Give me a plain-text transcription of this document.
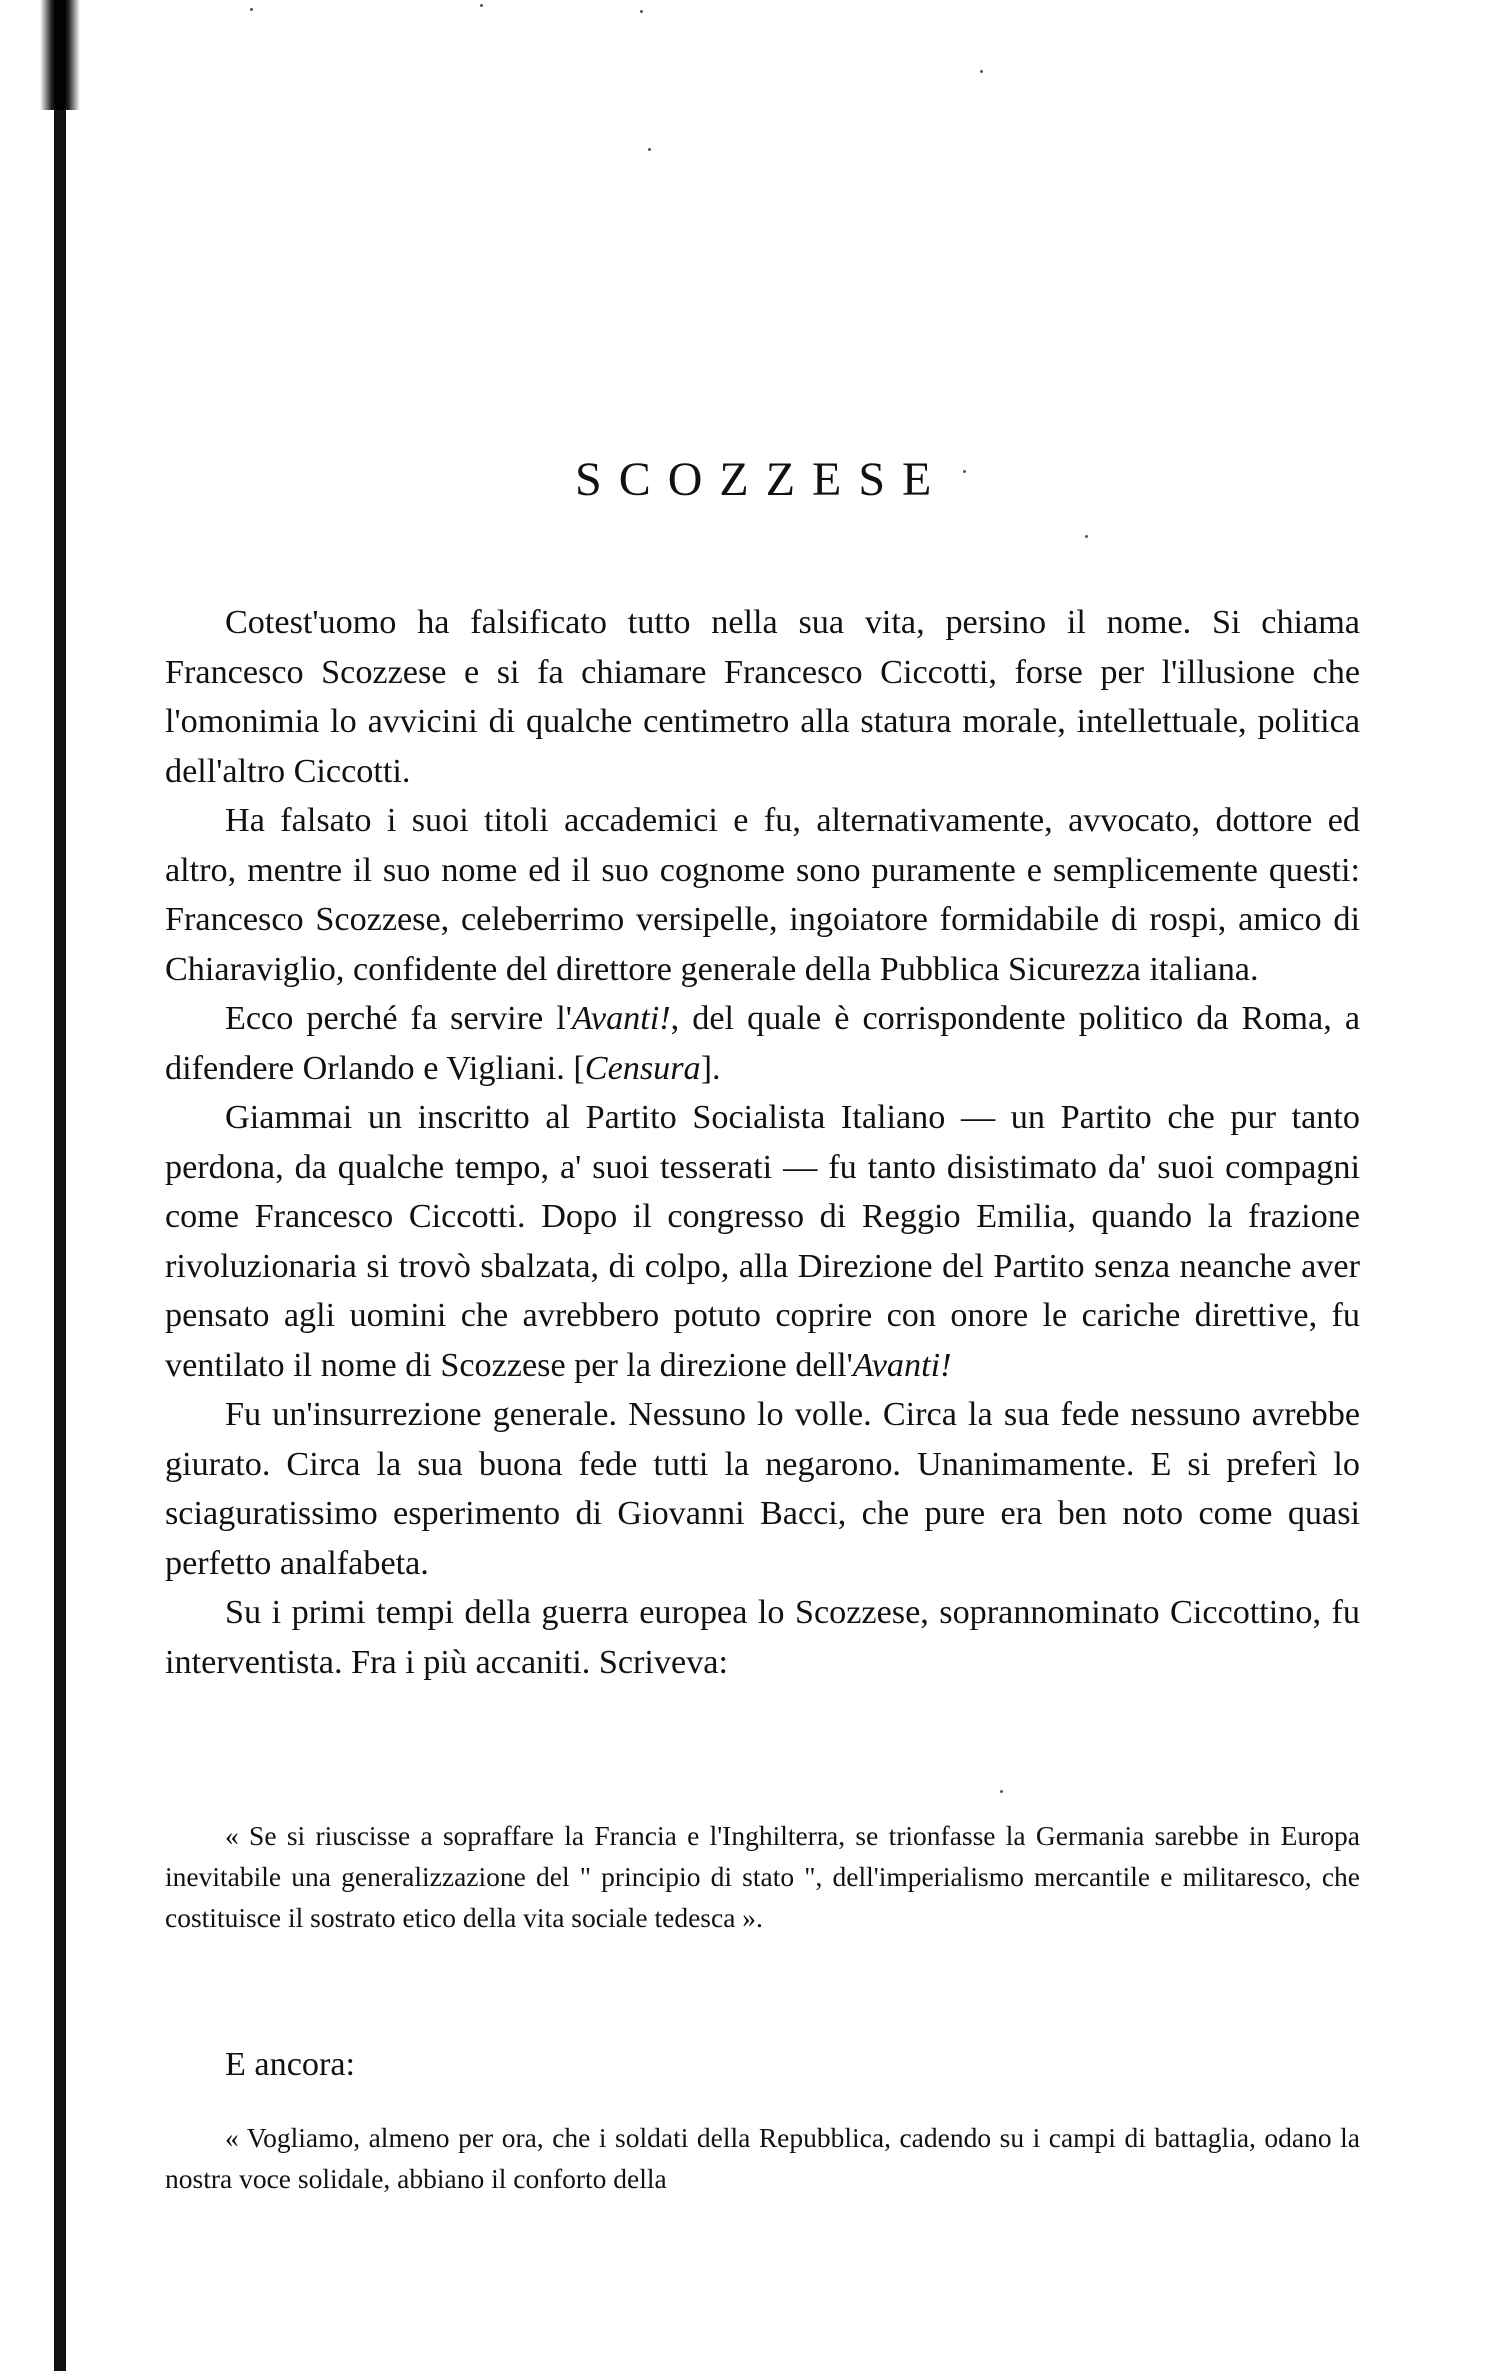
SCOZZESE

Cotest'uomo ha falsificato tutto nella sua vita, persino il nome. Si chiama Francesco Scozzese e si fa chiamare Francesco Ciccotti, forse per l'illusione che l'omonimia lo avvicini di qualche centimetro alla statura morale, intellettuale, politica dell'altro Ciccotti.

Ha falsato i suoi titoli accademici e fu, alternativamente, avvocato, dottore ed altro, mentre il suo nome ed il suo cognome sono puramente e semplicemente questi: Francesco Scozzese, celeberrimo versipelle, ingoiatore formidabile di rospi, amico di Chiaraviglio, confidente del direttore generale della Pubblica Sicurezza italiana.

Ecco perché fa servire l'Avanti!, del quale è corrispondente politico da Roma, a difendere Orlando e Vigliani. [Censura].

Giammai un inscritto al Partito Socialista Italiano — un Partito che pur tanto perdona, da qualche tempo, a' suoi tesserati — fu tanto disistimato da' suoi compagni come Francesco Ciccotti. Dopo il congresso di Reggio Emilia, quando la frazione rivoluzionaria si trovò sbalzata, di colpo, alla Direzione del Partito senza neanche aver pensato agli uomini che avrebbero potuto coprire con onore le cariche direttive, fu ventilato il nome di Scozzese per la direzione dell'Avanti!

Fu un'insurrezione generale. Nessuno lo volle. Circa la sua fede nessuno avrebbe giurato. Circa la sua buona fede tutti la negarono. Unanimamente. E si preferì lo sciaguratissimo esperimento di Giovanni Bacci, che pure era ben noto come quasi perfetto analfabeta.

Su i primi tempi della guerra europea lo Scozzese, soprannominato Ciccottino, fu interventista. Fra i più accaniti. Scriveva:

« Se si riuscisse a sopraffare la Francia e l'Inghilterra, se trionfasse la Germania sarebbe in Europa inevitabile una generalizzazione del " principio di stato ", dell'imperialismo mercantile e militaresco, che costituisce il sostrato etico della vita sociale tedesca ».

E ancora:

« Vogliamo, almeno per ora, che i soldati della Repubblica, cadendo su i campi di battaglia, odano la nostra voce solidale, abbiano il conforto della
